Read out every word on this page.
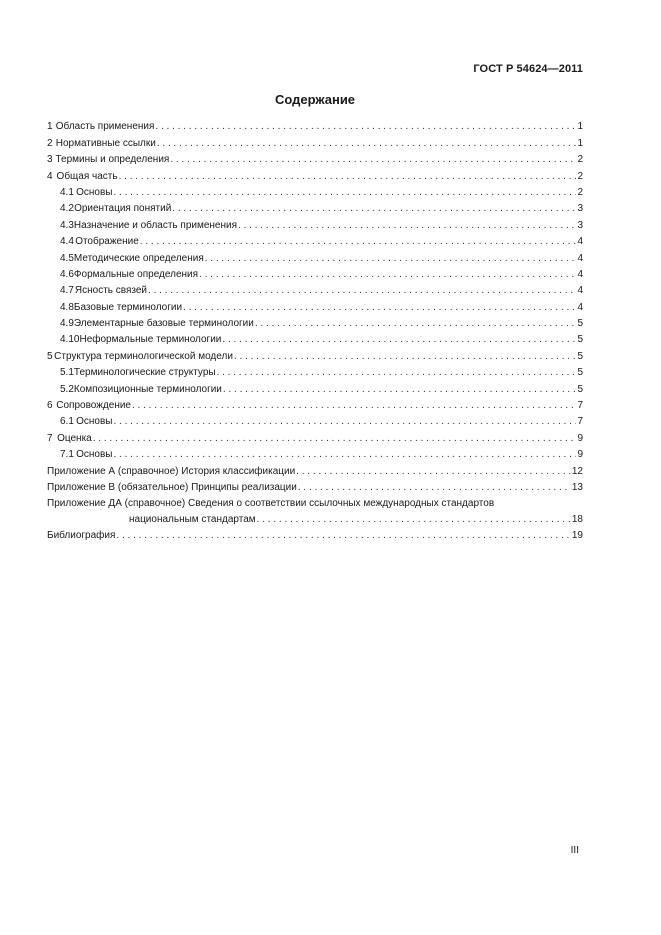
ГОСТ Р 54624—2011
Содержание
1 Область применения . . .	1
2 Нормативные ссылки . . .	1
3 Термины и определения . . .	2
4 Общая часть . . .	2
4.1 Основы . . .	2
4.2 Ориентация понятий . . .	3
4.3 Назначение и область применения . . .	3
4.4 Отображение . . .	4
4.5 Методические определения . . .	4
4.6 Формальные определения . . .	4
4.7 Ясность связей . . .	4
4.8 Базовые терминологии . . .	4
4.9 Элементарные базовые терминологии . . .	5
4.10 Неформальные терминологии . . .	5
5 Структура терминологической модели . . .	5
5.1 Терминологические структуры . . .	5
5.2 Композиционные терминологии . . .	5
6 Сопровождение . . .	7
6.1 Основы . . .	7
7 Оценка . . .	9
7.1 Основы . . .	9
Приложение А (справочное) История классификации . . .	12
Приложение В (обязательное) Принципы реализации . . .	13
Приложение ДА (справочное) Сведения о соответствии ссылочных международных стандартов
национальным стандартам . . .	18
Библиография . . .	19
III
